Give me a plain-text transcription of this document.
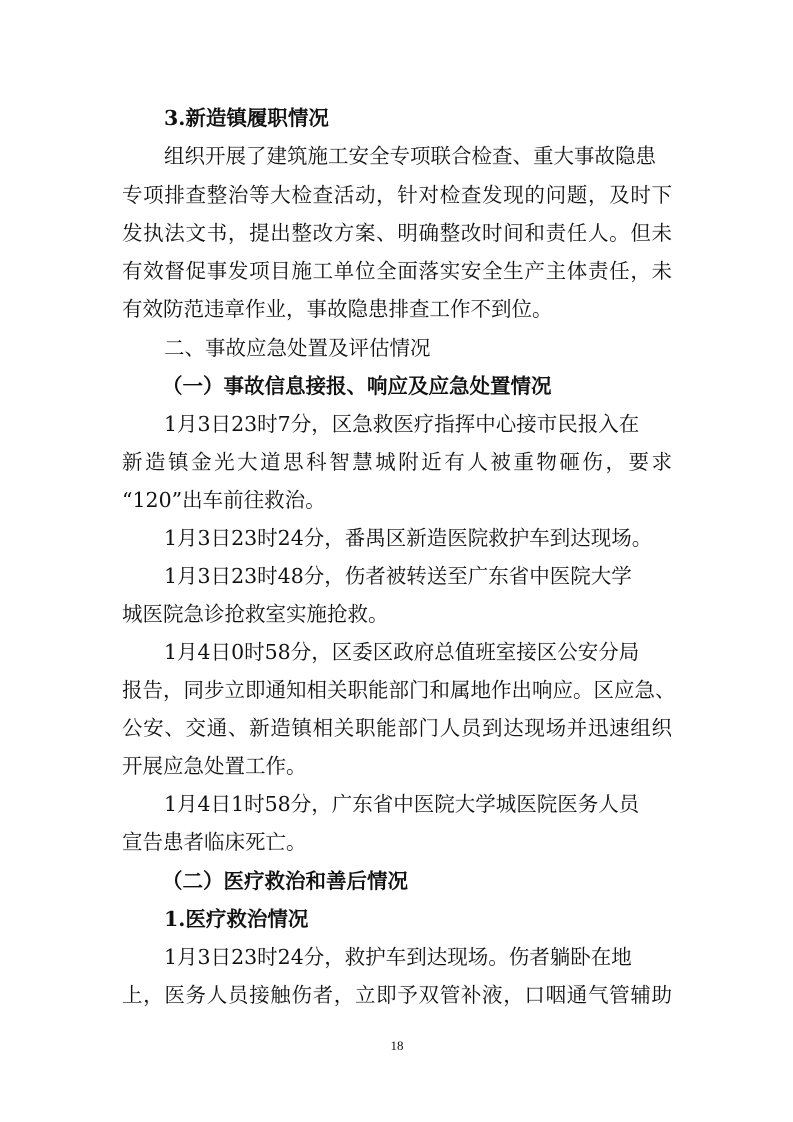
3.新造镇履职情况
组织开展了建筑施工安全专项联合检查、重大事故隐患
专项排查整治等大检查活动，针对检查发现的问题，及时下
发执法文书，提出整改方案、明确整改时间和责任人。但未
有效督促事发项目施工单位全面落实安全生产主体责任，未
有效防范违章作业，事故隐患排查工作不到位。
二、事故应急处置及评估情况
（一）事故信息接报、响应及应急处置情况
1月3日23时7分，区急救医疗指挥中心接市民报入在
新造镇金光大道思科智慧城附近有人被重物砸伤，要求
“120”出车前往救治。
1月3日23时24分，番禺区新造医院救护车到达现场。
1月3日23时48分，伤者被转送至广东省中医院大学
城医院急诊抢救室实施抢救。
1月4日0时58分，区委区政府总值班室接区公安分局
报告，同步立即通知相关职能部门和属地作出响应。区应急、
公安、交通、新造镇相关职能部门人员到达现场并迅速组织
开展应急处置工作。
1月4日1时58分，广东省中医院大学城医院医务人员
宣告患者临床死亡。
（二）医疗救治和善后情况
1.医疗救治情况
1月3日23时24分，救护车到达现场。伤者躺卧在地
上，医务人员接触伤者，立即予双管补液，口咽通气管辅助
18
